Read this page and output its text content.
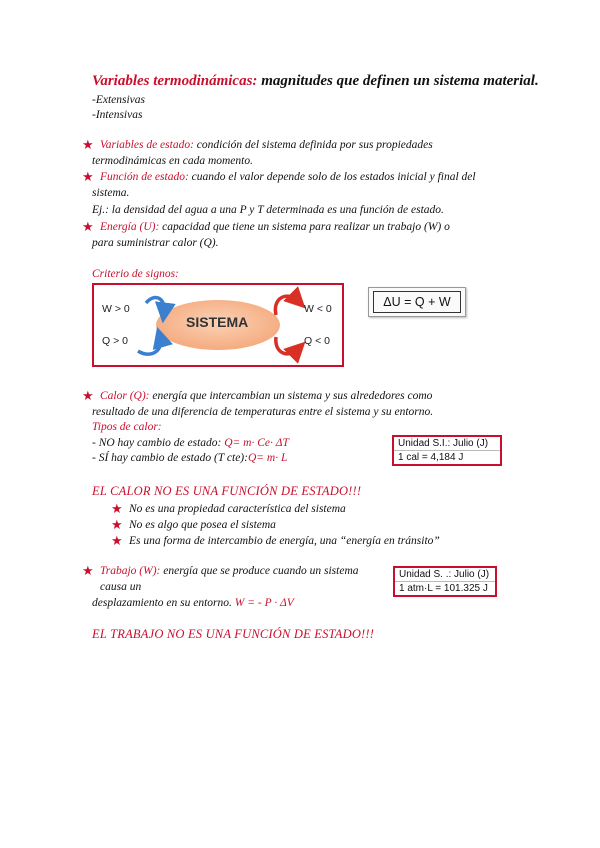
Variables termodinámicas: magnitudes que definen un sistema material.
-Extensivas
-Intensivas
★ Variables de estado: condición del sistema definida por sus propiedades
termodinámicas en cada momento.
★ Función de estado: cuando el valor depende solo de los estados inicial y final del
sistema.
Ej.: la densidad del agua a una P y T determinada es una función de estado.
★ Energía (U): capacidad que tiene un sistema para realizar un trabajo (W) o
para suministrar calor (Q).
Criterio de signos:
SISTEMA
W > 0
Q > 0
W < 0
Q < 0
ΔU = Q + W
★ Calor (Q): energía que intercambian un sistema y sus alrededores como
resultado de una diferencia de temperaturas entre el sistema y su entorno.
Tipos de calor:
- NO hay cambio de estado: Q= m· Ce· ΔT
- SÍ hay cambio de estado (T cte):Q= m· L
Unidad S.I.: Julio (J)
1 cal = 4,184 J
EL CALOR NO ES UNA FUNCIÓN DE ESTADO!!!
★ No es una propiedad característica del sistema
★ No es algo que posea el sistema
★ Es una forma de intercambio de energía, una “energía en tránsito”
★ Trabajo (W): energía que se produce cuando un sistema
causa un
desplazamiento en su entorno. W = - P · ΔV
Unidad S. .: Julio (J)
1 atm·L = 101.325 J
EL TRABAJO NO ES UNA FUNCIÓN DE ESTADO!!!
